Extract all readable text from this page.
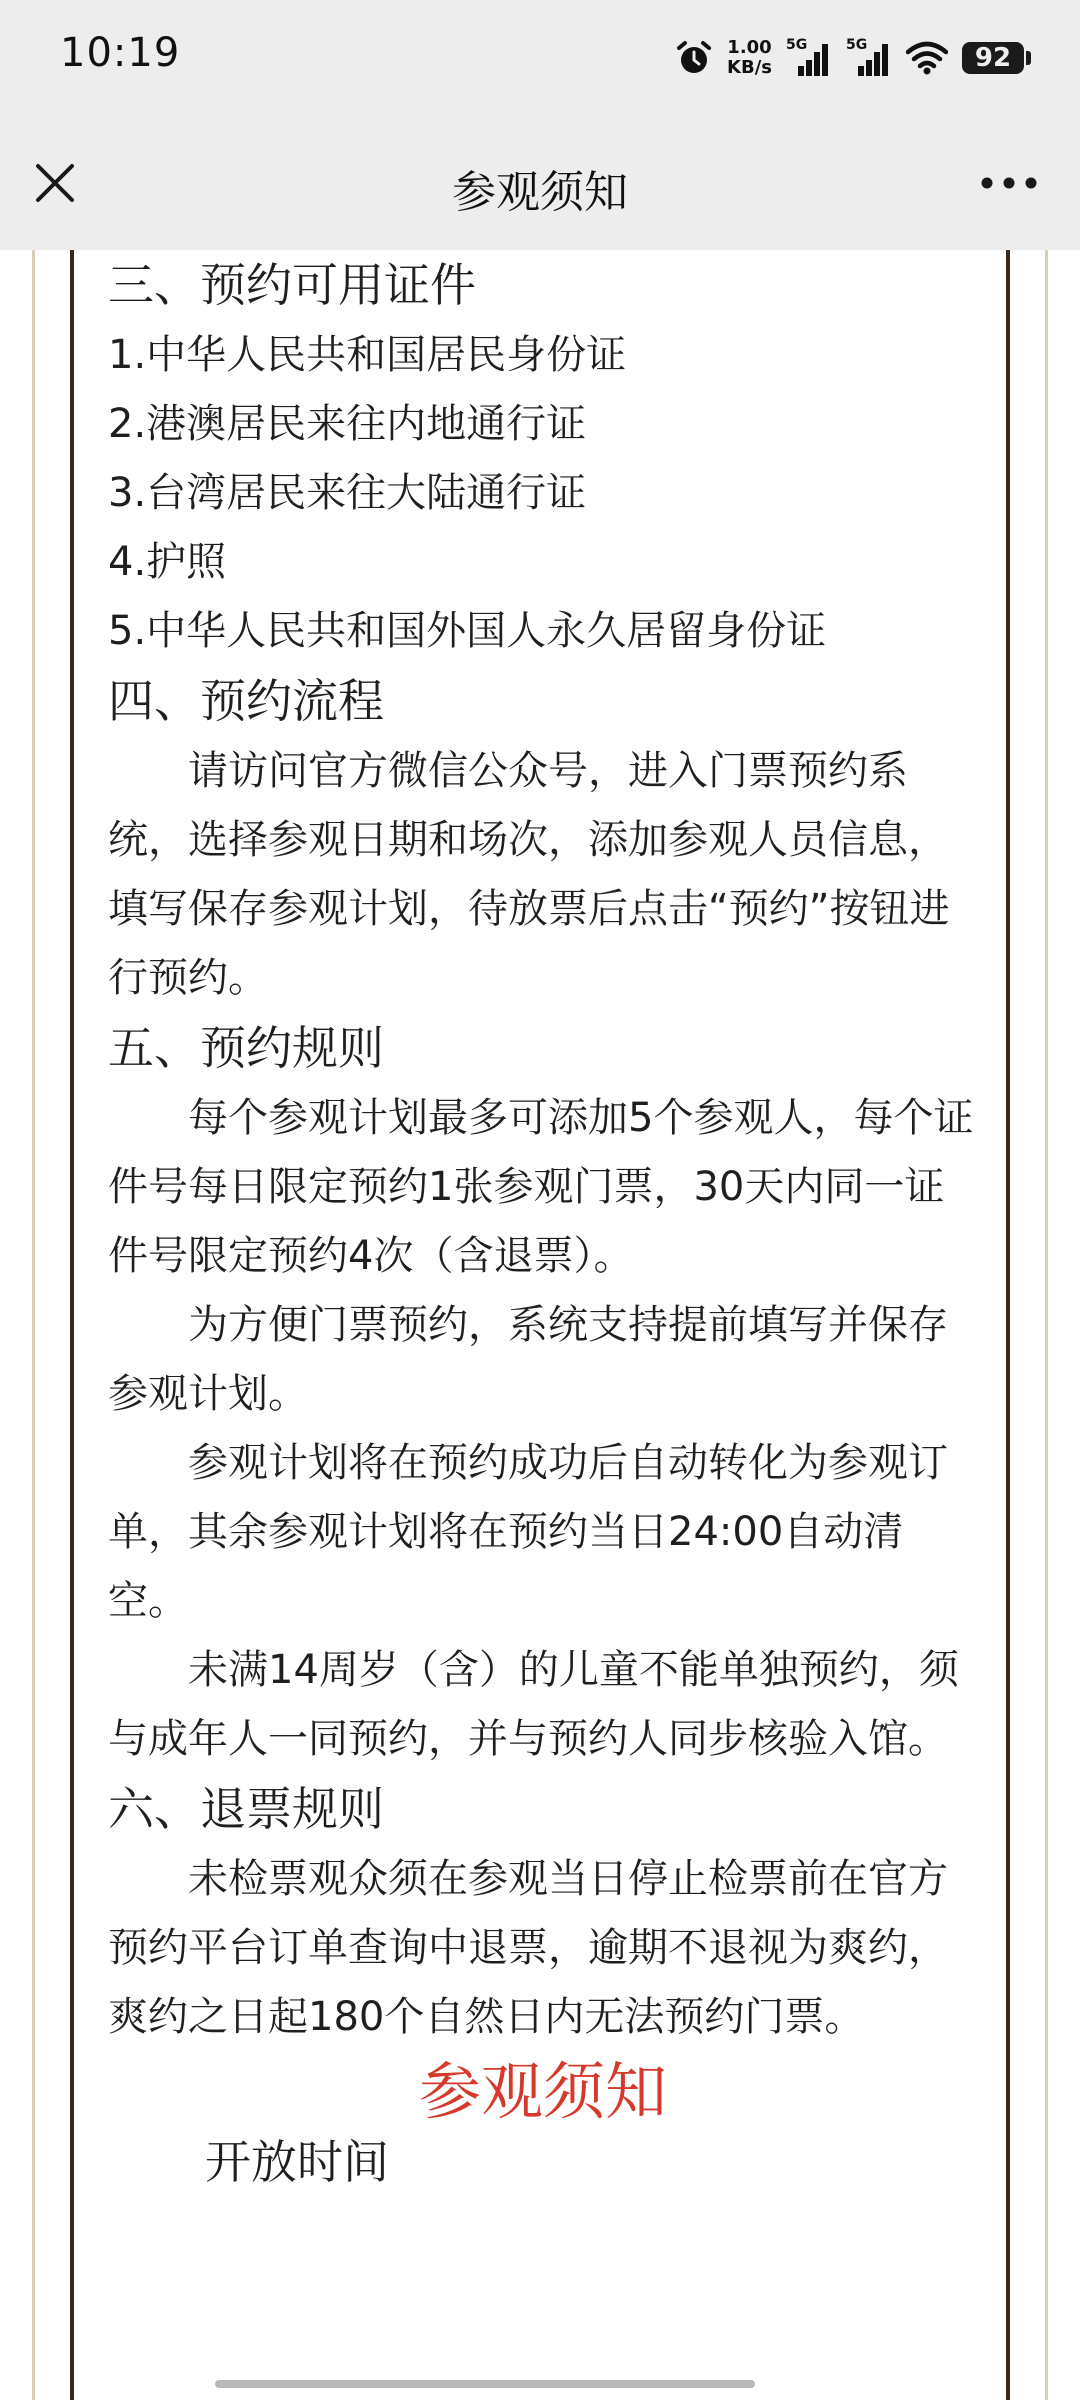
10:19	1.00
KB/s
5G	5G	92
参观须知

三、预约可用证件

1.中华人民共和国居民身份证

2.港澳居民来往内地通行证

3.台湾居民来往大陆通行证

4.护照

5.中华人民共和国外国人永久居留身份证

四、预约流程

请访问官方微信公众号，进入门票预约系统，选择参观日期和场次，添加参观人员信息，填写保存参观计划，待放票后点击“预约”按钮进行预约。

五、预约规则

每个参观计划最多可添加5个参观人，每个证件号每日限定预约1张参观门票，30天内同一证件号限定预约4次（含退票）。

为方便门票预约，系统支持提前填写并保存参观计划。

参观计划将在预约成功后自动转化为参观订单，其余参观计划将在预约当日24:00自动清空。

未满14周岁（含）的儿童不能单独预约，须与成年人一同预约，并与预约人同步核验入馆。

六、退票规则

未检票观众须在参观当日停止检票前在官方预约平台订单查询中退票，逾期不退视为爽约，爽约之日起180个自然日内无法预约门票。

参观须知

开放时间
